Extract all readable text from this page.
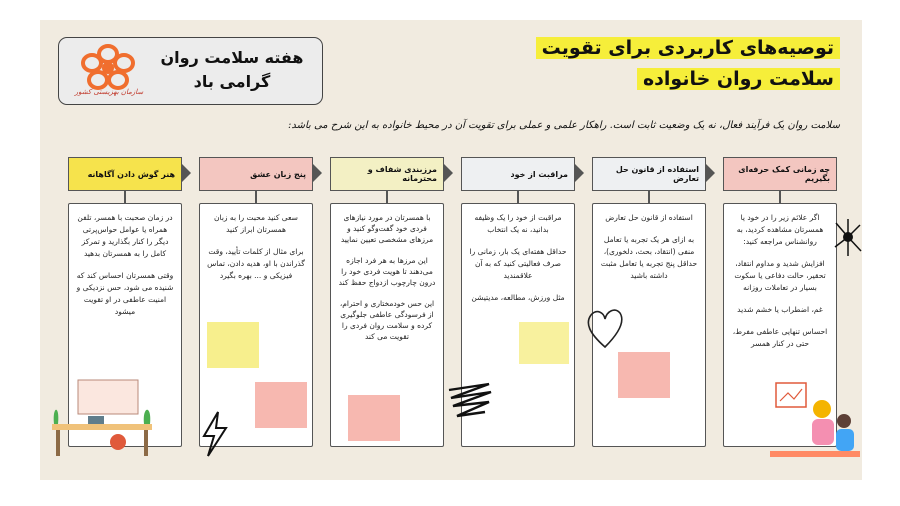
سازمان بهزیستی کشور
هفته سلامت روان
گرامی باد
توصیه‌های کاربردی برای تقویت
سلامت روان خانواده
سلامت روان یک فرآیند فعال، نه یک وضعیت ثابت است. راهکار علمی و عملی برای تقویت آن در محیط خانواده به این شرح می باشد:
چه زمانی کمک حرفه‌ای بگیریم

اگر علائم زیر را در خود یا همسرتان مشاهده کردید، به روانشناس مراجعه کنید:

افزایش شدید و مداوم انتقاد، تحقیر، حالت دفاعی یا سکوت بسیار در تعاملات روزانه

غم، اضطراب یا خشم شدید

احساس تنهایی عاطفی مفرط، حتی در کنار همسر

استفاده از قانون حل تعارض

استفاده از قانون حل تعارض

به ازای هر یک تجربه یا تعامل منفی (انتقاد، بحث، دلخوری)، حداقل پنج تجربه یا تعامل مثبت داشته باشید

مراقبت از خود

مراقبت از خود را یک وظیفه بدانید، نه یک انتخاب

حداقل هفته‌ای یک بار، زمانی را صرف فعالیتی کنید که به آن علاقمندید

مثل ورزش، مطالعه، مدیتیشن

مرزبندی شفاف و محترمانه

با همسرتان در مورد نیازهای فردی خود گفت‌وگو کنید و مرزهای مشخصی تعیین نمایید

این مرزها به هر فرد اجازه می‌دهند تا هویت فردی خود را درون چارچوب ازدواج حفظ کند

این حس خودمختاری و احترام، از فرسودگی عاطفی جلوگیری کرده و سلامت روان فردی را تقویت می کند

پنج زبان عشق

سعی کنید محبت را به زبان همسرتان ابراز کنید

برای مثال از کلمات تأیید، وقت گذراندن با او، هدیه دادن، تماس فیزیکی و ... بهره بگیرد

هنر گوش دادن آگاهانه

در زمان صحبت با همسر، تلفن همراه یا عوامل حواس‌پرتی دیگر را کنار بگذارید و تمرکز کامل را به همسرتان بدهید

وقتی همسرتان احساس کند که شنیده می شود، حس نزدیکی و امنیت عاطفی در او تقویت میشود
